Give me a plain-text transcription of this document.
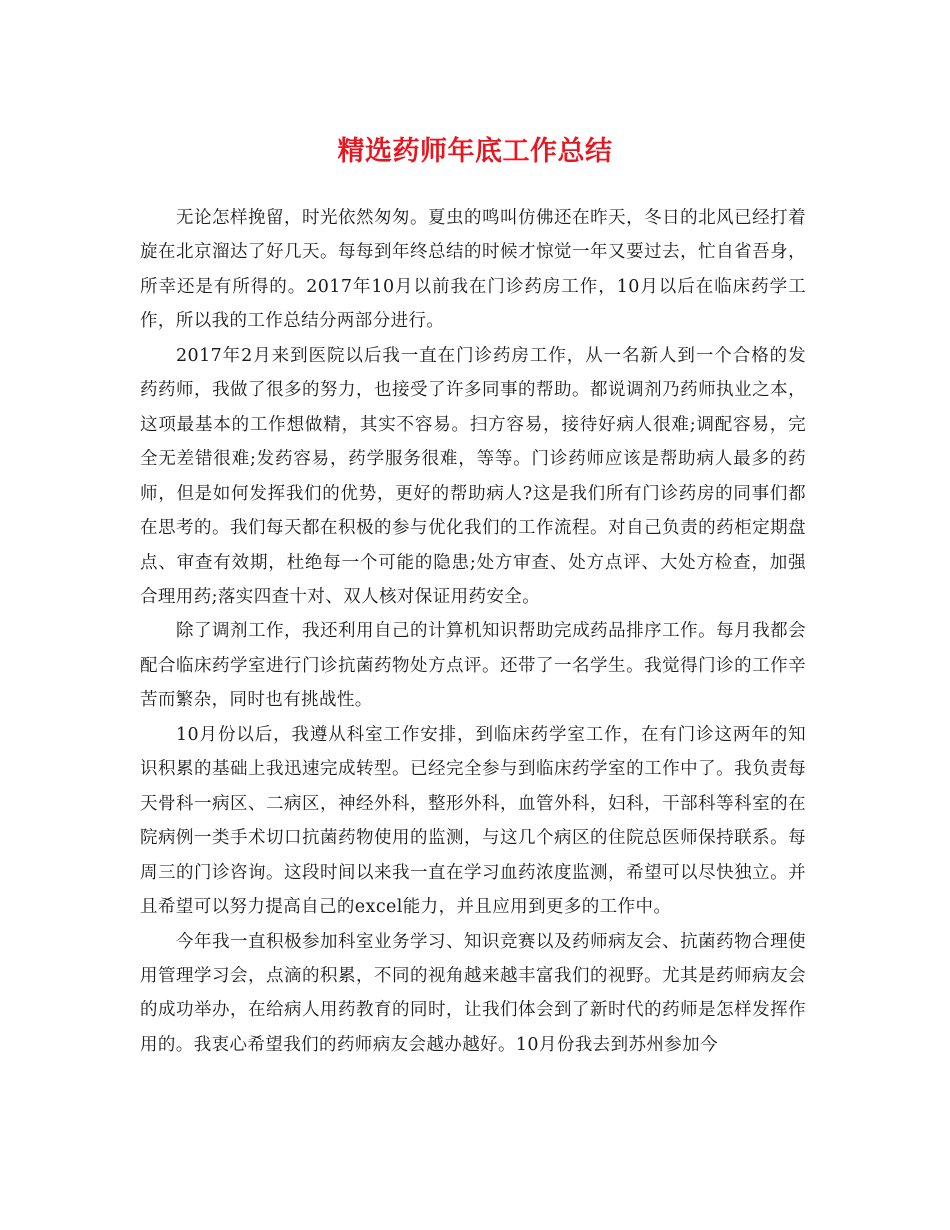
精选药师年底工作总结

无论怎样挽留，时光依然匆匆。夏虫的鸣叫仿佛还在昨天，冬日的北风已经打着旋在北京溜达了好几天。每每到年终总结的时候才惊觉一年又要过去，忙自省吾身，所幸还是有所得的。2017年10月以前我在门诊药房工作，10月以后在临床药学工作，所以我的工作总结分两部分进行。

2017年2月来到医院以后我一直在门诊药房工作，从一名新人到一个合格的发药药师，我做了很多的努力，也接受了许多同事的帮助。都说调剂乃药师执业之本，这项最基本的工作想做精，其实不容易。扫方容易，接待好病人很难;调配容易，完全无差错很难;发药容易，药学服务很难，等等。门诊药师应该是帮助病人最多的药师，但是如何发挥我们的优势，更好的帮助病人?这是我们所有门诊药房的同事们都在思考的。我们每天都在积极的参与优化我们的工作流程。对自己负责的药柜定期盘点、审查有效期，杜绝每一个可能的隐患;处方审查、处方点评、大处方检查，加强合理用药;落实四查十对、双人核对保证用药安全。

除了调剂工作，我还利用自己的计算机知识帮助完成药品排序工作。每月我都会配合临床药学室进行门诊抗菌药物处方点评。还带了一名学生。我觉得门诊的工作辛苦而繁杂，同时也有挑战性。

10月份以后，我遵从科室工作安排，到临床药学室工作，在有门诊这两年的知识积累的基础上我迅速完成转型。已经完全参与到临床药学室的工作中了。我负责每天骨科一病区、二病区，神经外科，整形外科，血管外科，妇科，干部科等科室的在院病例一类手术切口抗菌药物使用的监测，与这几个病区的住院总医师保持联系。每周三的门诊咨询。这段时间以来我一直在学习血药浓度监测，希望可以尽快独立。并且希望可以努力提高自己的excel能力，并且应用到更多的工作中。

今年我一直积极参加科室业务学习、知识竞赛以及药师病友会、抗菌药物合理使用管理学习会，点滴的积累，不同的视角越来越丰富我们的视野。尤其是药师病友会的成功举办，在给病人用药教育的同时，让我们体会到了新时代的药师是怎样发挥作用的。我衷心希望我们的药师病友会越办越好。10月份我去到苏州参加今
